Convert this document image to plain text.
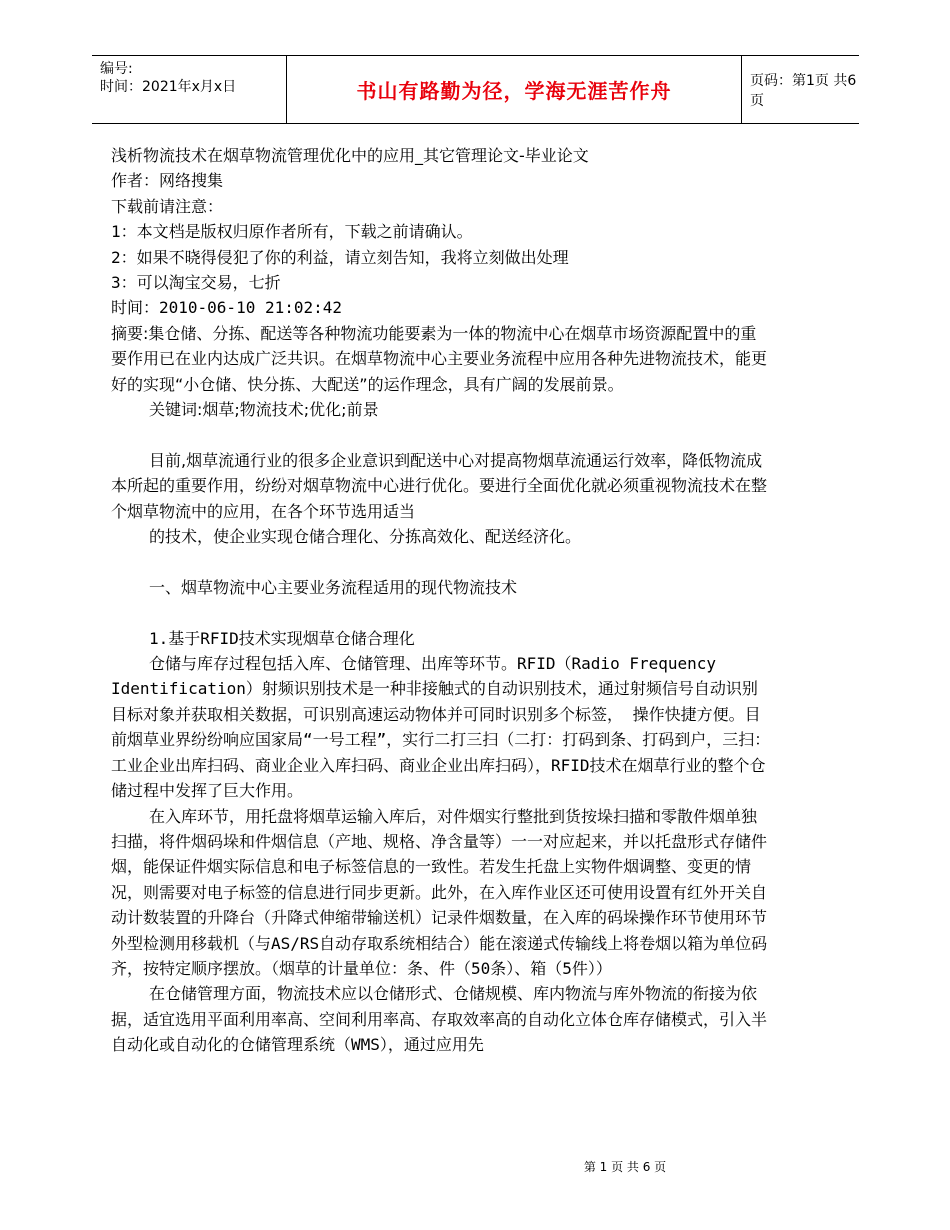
编号:
时间：2021年x月x日	书山有路勤为径，学海无涯苦作舟	页码：第1页 共6页

浅析物流技术在烟草物流管理优化中的应用_其它管理论文-毕业论文

作者：网络搜集

下载前请注意：

1：本文档是版权归原作者所有，下载之前请确认。

2：如果不晓得侵犯了你的利益，请立刻告知，我将立刻做出处理

3：可以淘宝交易，七折

时间：2010-06-10 21:02:42

摘要:集仓储、分拣、配送等各种物流功能要素为一体的物流中心在烟草市场资源配置中的重要作用已在业内达成广泛共识。在烟草物流中心主要业务流程中应用各种先进物流技术，能更好的实现“小仓储、快分拣、大配送”的运作理念，具有广阔的发展前景。

关键词:烟草;物流技术;优化;前景

目前,烟草流通行业的很多企业意识到配送中心对提高物烟草流通运行效率，降低物流成本所起的重要作用，纷纷对烟草物流中心进行优化。要进行全面优化就必须重视物流技术在整个烟草物流中的应用，在各个环节选用适当

的技术，使企业实现仓储合理化、分拣高效化、配送经济化。

一、烟草物流中心主要业务流程适用的现代物流技术

1.基于RFID技术实现烟草仓储合理化

仓储与库存过程包括入库、仓储管理、出库等环节。RFID（Radio Frequency Identification）射频识别技术是一种非接触式的自动识别技术，通过射频信号自动识别目标对象并获取相关数据，可识别高速运动物体并可同时识别多个标签， 操作快捷方便。目前烟草业界纷纷响应国家局“一号工程”，实行二打三扫（二打：打码到条、打码到户，三扫：工业企业出库扫码、商业企业入库扫码、商业企业出库扫码），RFID技术在烟草行业的整个仓储过程中发挥了巨大作用。

在入库环节，用托盘将烟草运输入库后，对件烟实行整批到货按垛扫描和零散件烟单独扫描，将件烟码垛和件烟信息（产地、规格、净含量等）一一对应起来，并以托盘形式存储件烟，能保证件烟实际信息和电子标签信息的一致性。若发生托盘上实物件烟调整、变更的情况，则需要对电子标签的信息进行同步更新。此外，在入库作业区还可使用设置有红外开关自动计数装置的升降台（升降式伸缩带输送机）记录件烟数量，在入库的码垛操作环节使用环节外型检测用移载机（与AS/RS自动存取系统相结合）能在滚递式传输线上将卷烟以箱为单位码齐，按特定顺序摆放。（烟草的计量单位：条、件（50条）、箱（5件））

在仓储管理方面，物流技术应以仓储形式、仓储规模、库内物流与库外物流的衔接为依据，适宜选用平面利用率高、空间利用率高、存取效率高的自动化立体仓库存储模式，引入半自动化或自动化的仓储管理系统（WMS），通过应用先

第 1 页 共 6 页
